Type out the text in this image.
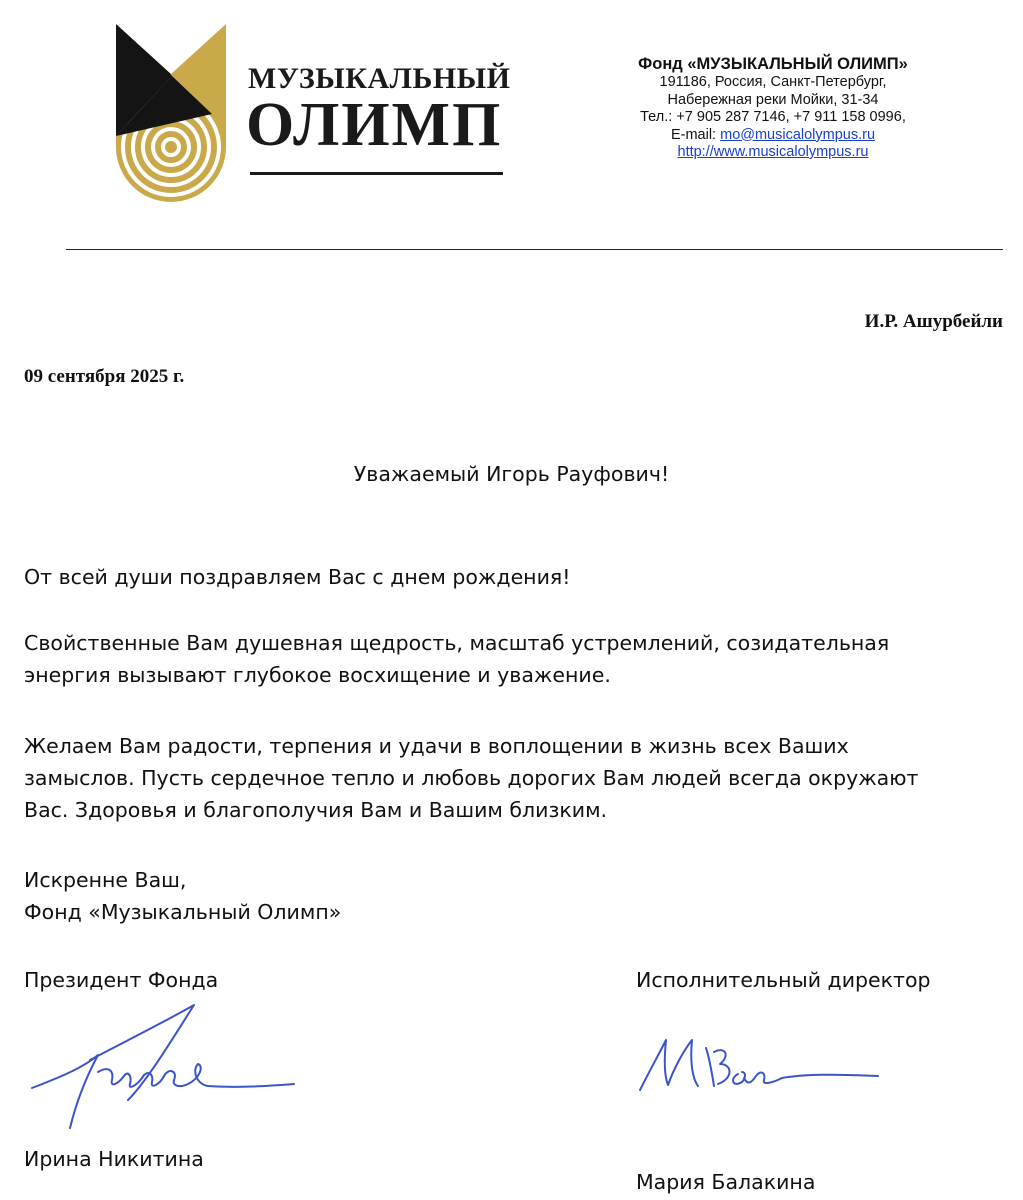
МУЗЫКАЛЬНЫЙ
ОЛИМП
Фонд «МУЗЫКАЛЬНЫЙ ОЛИМП»
191186, Россия, Санкт-Петербург,
Набережная реки Мойки, 31-34
Тел.: +7 905 287 7146, +7 911 158 0996,
E-mail: mo@musicalolympus.ru
http://www.musicalolympus.ru
И.Р. Ашурбейли
09 сентября 2025 г.
Уважаемый Игорь Рауфович!
От всей души поздравляем Вас с днем рождения!
Свойственные Вам душевная щедрость, масштаб устремлений, созидательная
энергия вызывают глубокое восхищение и уважение.
Желаем Вам радости, терпения и удачи в воплощении в жизнь всех Ваших
замыслов. Пусть сердечное тепло и любовь дорогих Вам людей всегда окружают
Вас. Здоровья и благополучия Вам и Вашим близким.
Искренне Ваш,
Фонд «Музыкальный Олимп»
Президент Фонда	Исполнительный директор
Ирина Никитина
Мария Балакина
